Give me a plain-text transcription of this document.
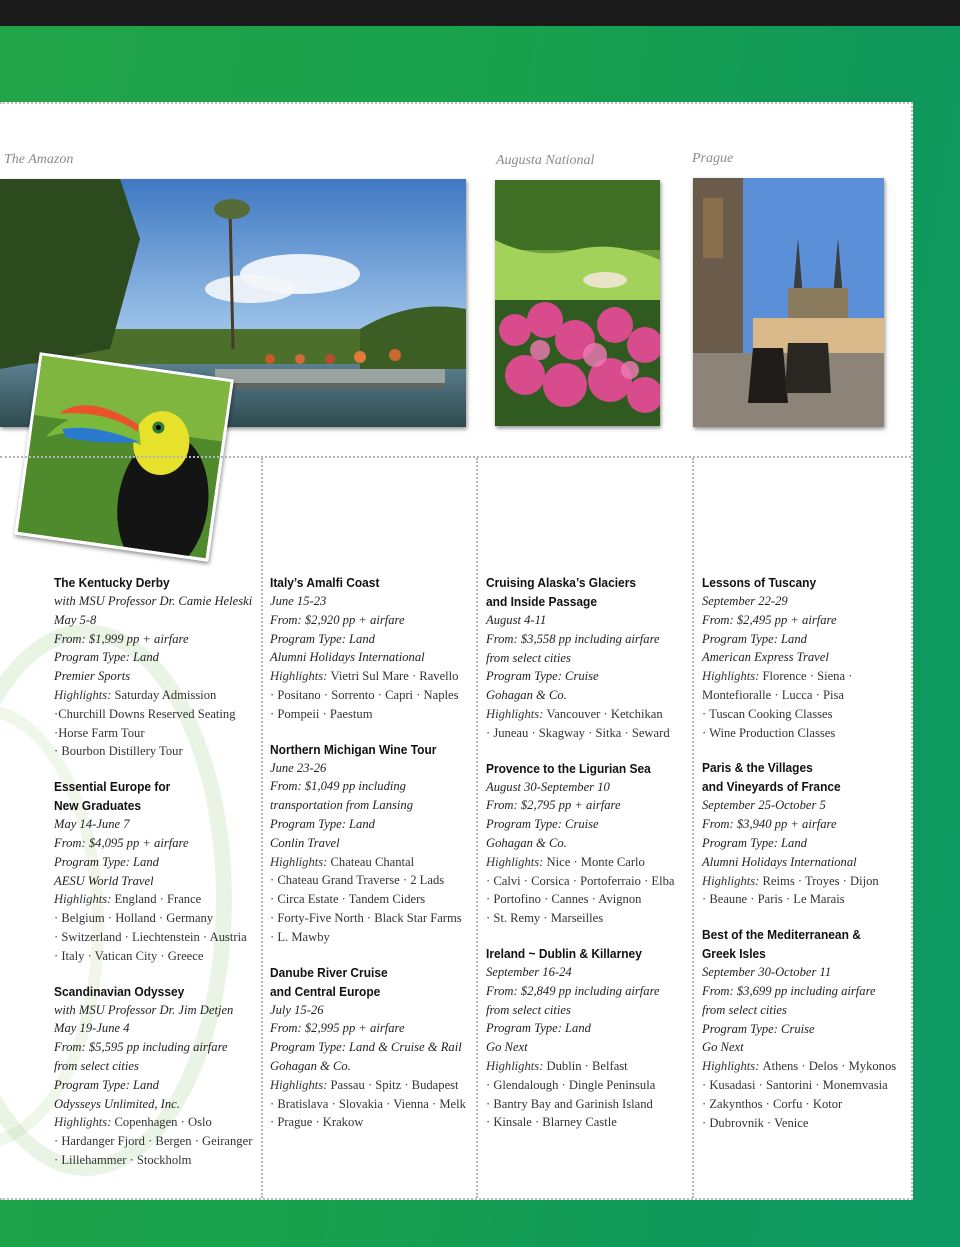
The Amazon	Augusta National	Prague
The Kentucky Derby
with MSU Professor Dr. Camie Heleski
May 5-8
From: $1,999 pp + airfare
Program Type: Land
Premier Sports
Highlights: Saturday Admission
·Churchill Downs Reserved Seating
·Horse Farm Tour
· Bourbon Distillery Tour
Essential Europe for
New Graduates
May 14-June 7
From: $4,095 pp + airfare
Program Type: Land
AESU World Travel
Highlights: England · France
· Belgium · Holland · Germany
· Switzerland · Liechtenstein · Austria
· Italy · Vatican City · Greece
Scandinavian Odyssey
with MSU Professor Dr. Jim Detjen
May 19-June 4
From: $5,595 pp including airfare
from select cities
Program Type: Land
Odysseys Unlimited, Inc.
Highlights: Copenhagen · Oslo
· Hardanger Fjord · Bergen · Geiranger
· Lillehammer · Stockholm
Italy’s Amalfi Coast
June 15-23
From: $2,920 pp + airfare
Program Type: Land
Alumni Holidays International
Highlights: Vietri Sul Mare · Ravello
· Positano · Sorrento · Capri · Naples
· Pompeii · Paestum
Northern Michigan Wine Tour
June 23-26
From: $1,049 pp including
transportation from Lansing
Program Type: Land
Conlin Travel
Highlights: Chateau Chantal
· Chateau Grand Traverse · 2 Lads
· Circa Estate · Tandem Ciders
· Forty-Five North · Black Star Farms
· L. Mawby
Danube River Cruise
and Central Europe
July 15-26
From: $2,995 pp + airfare
Program Type: Land & Cruise & Rail
Gohagan & Co.
Highlights: Passau · Spitz · Budapest
· Bratislava · Slovakia · Vienna · Melk
· Prague · Krakow
Cruising Alaska’s Glaciers
and Inside Passage
August 4-11
From: $3,558 pp including airfare
from select cities
Program Type: Cruise
Gohagan & Co.
Highlights: Vancouver · Ketchikan
· Juneau · Skagway · Sitka · Seward
Provence to the Ligurian Sea
August 30-September 10
From: $2,795 pp + airfare
Program Type: Cruise
Gohagan & Co.
Highlights: Nice · Monte Carlo
· Calvi · Corsica · Portoferraio · Elba
· Portofino · Cannes · Avignon
· St. Remy · Marseilles
Ireland ~ Dublin & Killarney
September 16-24
From: $2,849 pp including airfare
from select cities
Program Type: Land
Go Next
Highlights: Dublin · Belfast
· Glendalough · Dingle Peninsula
· Bantry Bay and Garinish Island
· Kinsale · Blarney Castle
Lessons of Tuscany
September 22-29
From: $2,495 pp + airfare
Program Type: Land
American Express Travel
Highlights: Florence · Siena ·
Montefioralle · Lucca · Pisa
· Tuscan Cooking Classes
· Wine Production Classes
Paris & the Villages
and Vineyards of France
September 25-October 5
From: $3,940 pp + airfare
Program Type: Land
Alumni Holidays International
Highlights: Reims · Troyes · Dijon
· Beaune · Paris · Le Marais
Best of the Mediterranean &
Greek Isles
September 30-October 11
From: $3,699 pp including airfare
from select cities
Program Type: Cruise
Go Next
Highlights: Athens · Delos · Mykonos
· Kusadasi · Santorini · Monemvasia
· Zakynthos · Corfu · Kotor
· Dubrovnik · Venice
